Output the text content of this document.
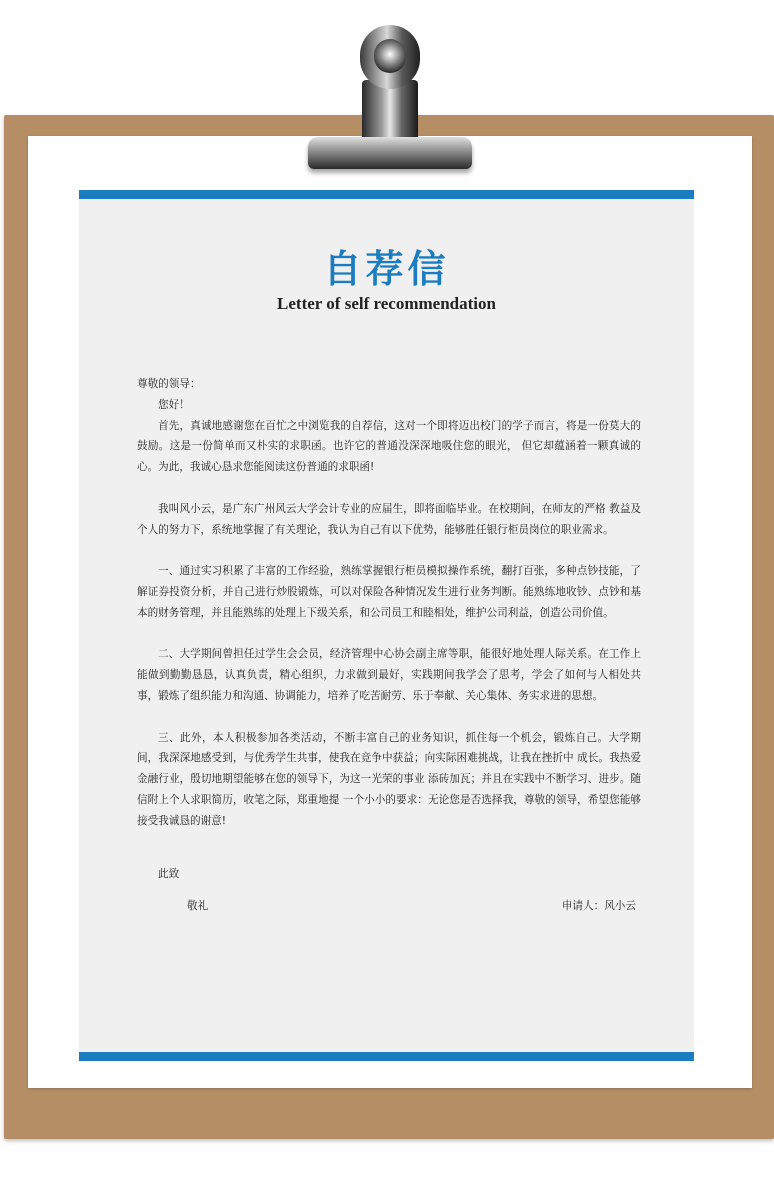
自荐信
Letter of self recommendation

尊敬的领导：

您好！

首先，真诚地感谢您在百忙之中浏览我的自荐信，这对一个即将迈出校门的学子而言，将是一份莫大的鼓励。这是一份简单而又朴实的求职函。也许它的普通没深深地吸住您的眼光， 但它却蕴涵着一颗真诚的心。为此，我诚心恳求您能阅读这份普通的求职函!

我叫风小云，是广东广州风云大学会计专业的应届生，即将面临毕业。在校期间，在师友的严格 教益及个人的努力下，系统地掌握了有关理论，我认为自己有以下优势，能够胜任银行柜员岗位的职业需求。

一、通过实习积累了丰富的工作经验，熟练掌握银行柜员模拟操作系统，翻打百张，多种点钞技能，了解证券投资分析，并自己进行炒股锻炼，可以对保险各种情况发生进行业务判断。能熟练地收钞、点钞和基本的财务管理，并且能熟练的处理上下级关系，和公司员工和睦相处，维护公司利益，创造公司价值。

二、大学期间曾担任过学生会会员，经济管理中心协会副主席等职，能很好地处理人际关系。在工作上能做到勤勤恳恳，认真负责，精心组织，力求做到最好，实践期间我学会了思考，学会了如何与人相处共事，锻炼了组织能力和沟通、协调能力，培养了吃苦耐劳、乐于奉献、关心集体、务实求进的思想。

三、此外，本人积极参加各类活动，不断丰富自己的业务知识，抓住每一个机会，锻炼自己。大学期间，我深深地感受到，与优秀学生共事，使我在竞争中获益；向实际困难挑战，让我在挫折中 成长。我热爱金融行业，殷切地期望能够在您的领导下，为这一光荣的事业 添砖加瓦；并且在实践中不断学习、进步。随信附上个人求职简历，收笔之际，郑重地提 一个小小的要求：无论您是否选择我，尊敬的领导，希望您能够接受我诚恳的谢意!

此致
敬礼	申请人：风小云
